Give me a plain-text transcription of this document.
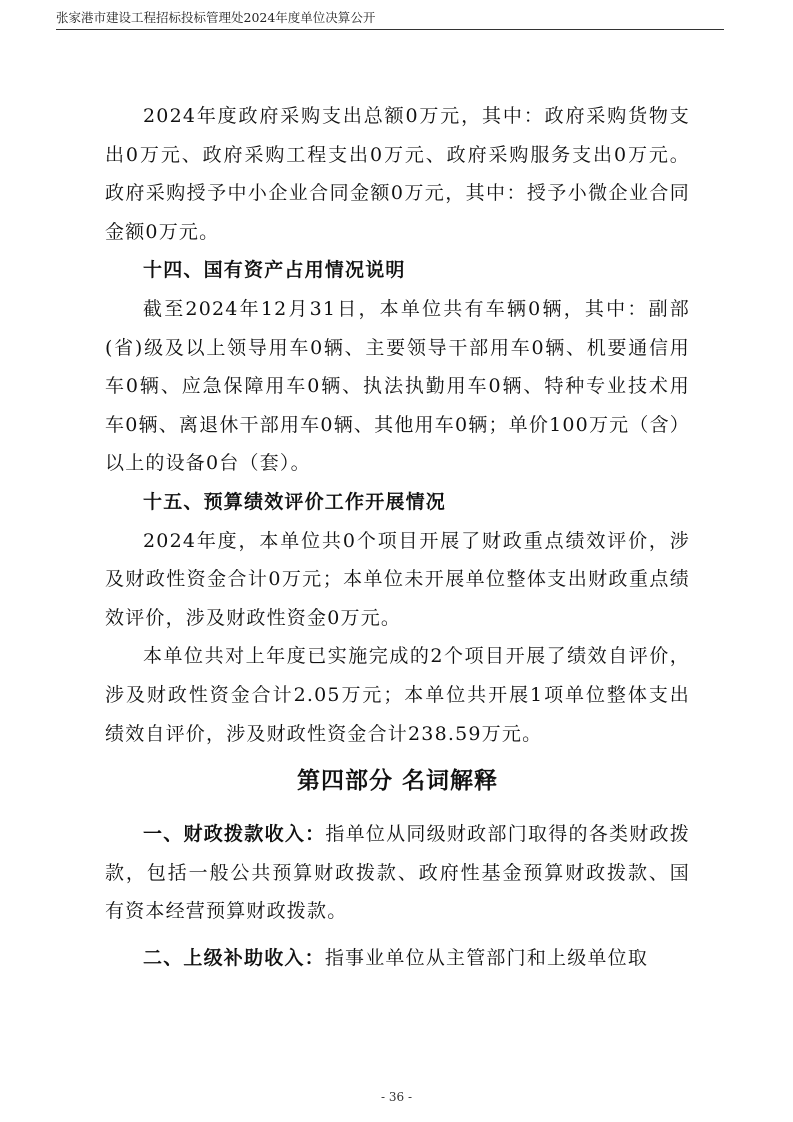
张家港市建设工程招标投标管理处2024年度单位决算公开

2024年度政府采购支出总额0万元，其中：政府采购货物支出0万元、政府采购工程支出0万元、政府采购服务支出0万元。政府采购授予中小企业合同金额0万元，其中：授予小微企业合同金额0万元。

十四、国有资产占用情况说明

截至2024年12月31日，本单位共有车辆0辆，其中：副部(省)级及以上领导用车0辆、主要领导干部用车0辆、机要通信用车0辆、应急保障用车0辆、执法执勤用车0辆、特种专业技术用车0辆、离退休干部用车0辆、其他用车0辆；单价100万元（含）以上的设备0台（套）。

十五、预算绩效评价工作开展情况

2024年度，本单位共0个项目开展了财政重点绩效评价，涉及财政性资金合计0万元；本单位未开展单位整体支出财政重点绩效评价，涉及财政性资金0万元。

本单位共对上年度已实施完成的2个项目开展了绩效自评价，涉及财政性资金合计2.05万元；本单位共开展1项单位整体支出绩效自评价，涉及财政性资金合计238.59万元。

第四部分 名词解释

一、财政拨款收入：指单位从同级财政部门取得的各类财政拨款，包括一般公共预算财政拨款、政府性基金预算财政拨款、国有资本经营预算财政拨款。

二、上级补助收入：指事业单位从主管部门和上级单位取

- 36 -
